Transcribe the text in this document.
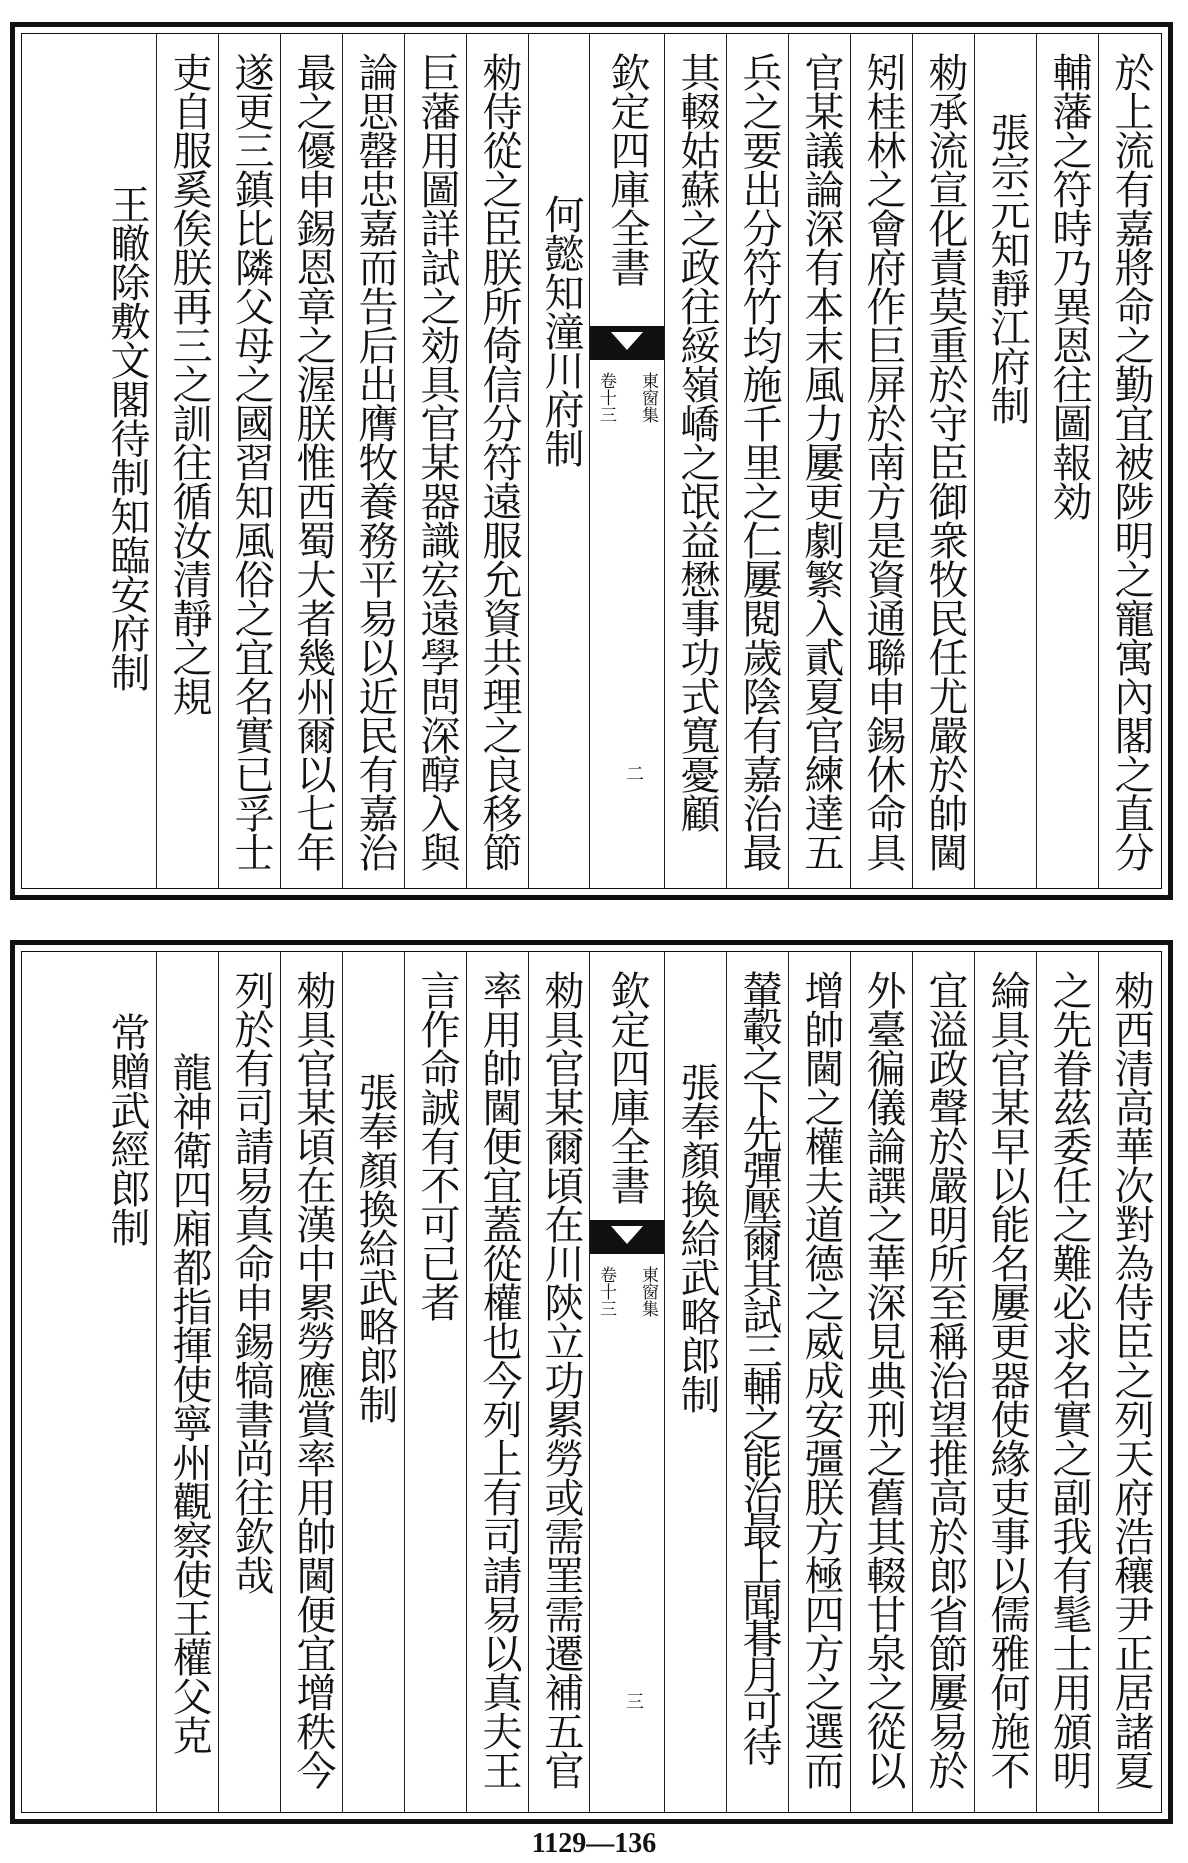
於上流有嘉將命之勤宜被陟明之寵寓內閣之直分
輔藩之符時乃異恩往圖報効
張宗元知靜江府制
勑承流宣化責莫重於守臣御衆牧民任尤嚴於帥閫
矧桂林之會府作巨屏於南方是資通聯申錫休命具
官某議論深有本末風力屢更劇繁入貳夏官練達五
兵之要出分符竹均施千里之仁屢閱歲陰有嘉治最
其輟姑蘇之政往綏嶺嶠之氓益懋事功式寬憂顧
欽定四庫全書
東窗集
卷十三
二
何懿知潼川府制
勑侍從之臣朕所倚信分符遠服允資共理之良移節
巨藩用圖詳試之効具官某器識宏遠學問深醇入與
論思罄忠嘉而告后出膺牧養務平易以近民有嘉治
最之優申錫恩章之渥朕惟西蜀大者幾州爾以七年
遂更三鎮比隣父母之國習知風俗之宜名實已孚士
吏自服奚俟朕再三之訓往循汝清靜之規
王瞮除敷文閣待制知臨安府制
勑西清高華次對為侍臣之列天府浩穰尹正居諸夏
之先眷茲委任之難必求名實之副我有髦士用頒明
綸具官某早以能名屢更器使緣吏事以儒雅何施不
宜溢政聲於嚴明所至稱治望推高於郎省節屢易於
外臺徧儀論譔之華深見典刑之舊其輟甘泉之從以
增帥閫之權夫道德之威成安彊朕方極四方之選而
輦轂之下先彈壓爾其試三輔之能治最上聞朞月可待
張奉顏換給武略郎制
欽定四庫全書
東窗集
卷十三
三
勑具官某爾頃在川陝立功累勞或需罣需遷補五官
率用帥閫便宜蓋從權也今列上有司請易以真夫王
言作命誠有不可已者
張奉顏換給武略郎制
勑具官某頃在漢中累勞應賞率用帥閫便宜增秩今
列於有司請易真命申錫犒書尚往欽哉
龍神衛四廂都指揮使寧州觀察使王權父克
常贈武經郎制
1129—136
